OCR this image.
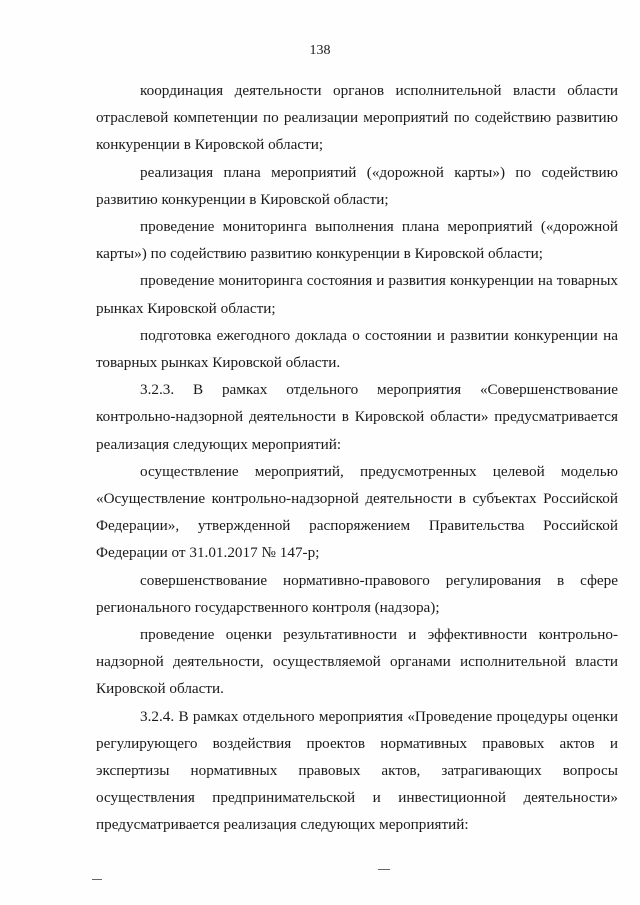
138

координация деятельности органов исполнительной власти области отраслевой компетенции по реализации мероприятий по содействию развитию конкуренции в Кировской области;

реализация плана мероприятий («дорожной карты») по содействию развитию конкуренции в Кировской области;

проведение мониторинга выполнения плана мероприятий («дорожной карты») по содействию развитию конкуренции в Кировской области;

проведение мониторинга состояния и развития конкуренции на товарных рынках Кировской области;

подготовка ежегодного доклада о состоянии и развитии конкуренции на товарных рынках Кировской области.

3.2.3. В рамках отдельного мероприятия «Совершенствование контрольно-надзорной деятельности в Кировской области» предусматривается реализация следующих мероприятий:

осуществление мероприятий, предусмотренных целевой моделью «Осуществление контрольно-надзорной деятельности в субъектах Российской Федерации», утвержденной распоряжением Правительства Российской Федерации от 31.01.2017 № 147-р;

совершенствование нормативно-правового регулирования в сфере регионального государственного контроля (надзора);

проведение оценки результативности и эффективности контрольно-надзорной деятельности, осуществляемой органами исполнительной власти Кировской области.

3.2.4. В рамках отдельного мероприятия «Проведение процедуры оценки регулирующего воздействия проектов нормативных правовых актов и экспертизы нормативных правовых актов, затрагивающих вопросы осуществления предпринимательской и инвестиционной деятельности» предусматривается реализация следующих мероприятий:
